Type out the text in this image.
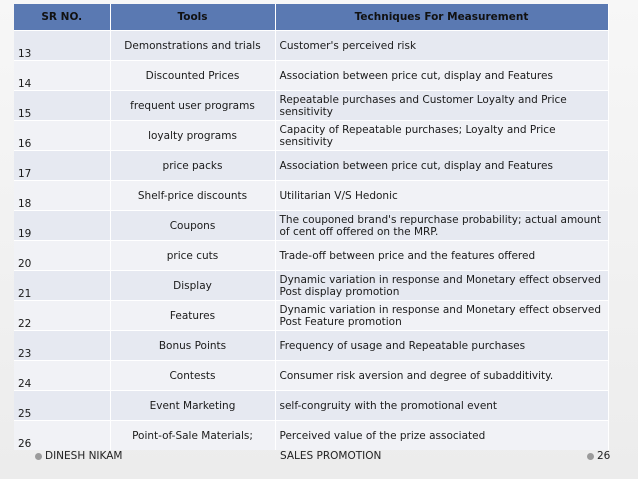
SR NO.	Tools	Techniques For Measurement
13	Demonstrations and trials	Customer's perceived risk
14	Discounted Prices	Association between price cut, display and Features
15	frequent user programs	Repeatable purchases and Customer Loyalty and Price sensitivity
16	loyalty programs	Capacity of Repeatable purchases; Loyalty and Price sensitivity
17	price packs	Association between price cut, display and Features
18	Shelf-price discounts	Utilitarian V/S Hedonic
19	Coupons	The couponed brand's repurchase probability; actual amount of cent off offered on the MRP.
20	price cuts	Trade-off between price and the features offered
21	Display	Dynamic variation in response and Monetary effect observed Post display promotion
22	Features	Dynamic variation in response and Monetary effect observed Post Feature promotion
23	Bonus Points	Frequency of usage and Repeatable purchases
24	Contests	Consumer risk aversion and degree of subadditivity.
25	Event Marketing	self-congruity with the promotional event
26	Point-of-Sale Materials;	Perceived value of the prize associated
DINESH NIKAM	SALES PROMOTION	26
